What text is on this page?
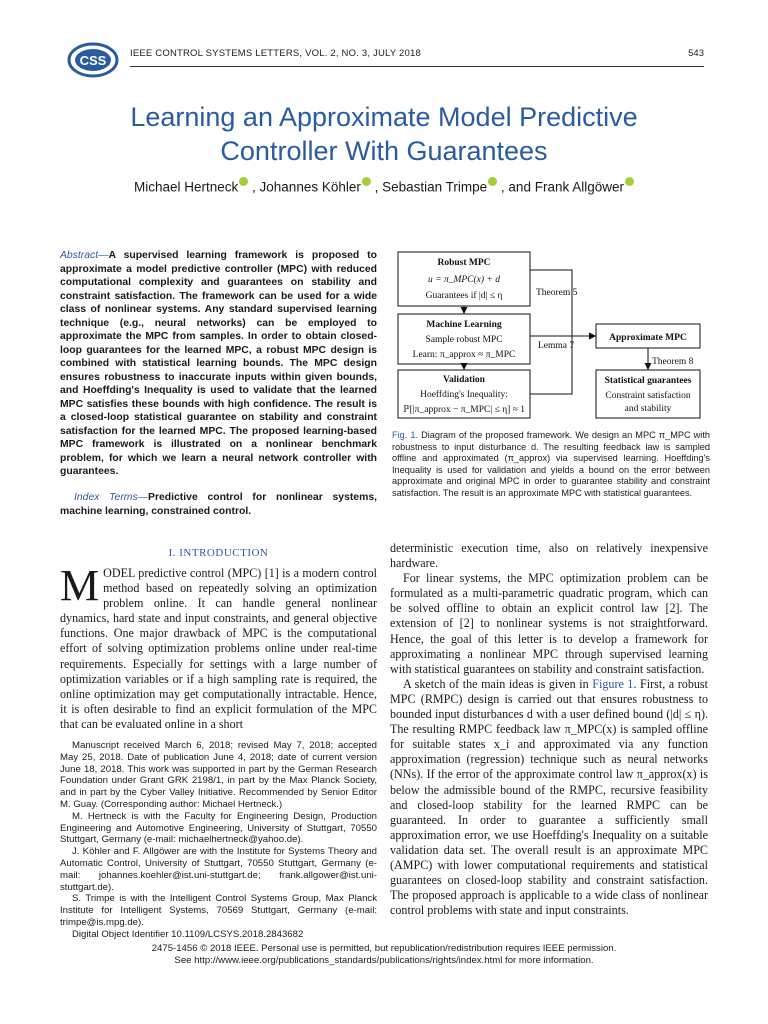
CSS IEEE CONTROL SYSTEMS LETTERS, VOL. 2, NO. 3, JULY 2018	543
Learning an Approximate Model Predictive
Controller With Guarantees
Michael Hertneck , Johannes Köhler , Sebastian Trimpe , and Frank Allgöwer
Abstract—A supervised learning framework is proposed to approximate a model predictive controller (MPC) with reduced computational complexity and guarantees on stability and constraint satisfaction. The framework can be used for a wide class of nonlinear systems. Any standard supervised learning technique (e.g., neural networks) can be employed to approximate the MPC from samples. In order to obtain closed-loop guarantees for the learned MPC, a robust MPC design is combined with statistical learning bounds. The MPC design ensures robustness to inaccurate inputs within given bounds, and Hoeffding's Inequality is used to validate that the learned MPC satisfies these bounds with high confidence. The result is a closed-loop statistical guarantee on stability and constraint satisfaction for the learned MPC. The proposed learning-based MPC framework is illustrated on a nonlinear benchmark problem, for which we learn a neural network controller with guarantees.
Index Terms—Predictive control for nonlinear systems, machine learning, constrained control.
Robust MPC
u = π_MPC(x) + d
Guarantees if |d| ≤ η
Machine Learning
Sample robust MPC
Learn: π_approx ≈ π_MPC
Validation
Hoeffding's Inequality:
ℙ[|π_approx − π_MPC| ≤ η] ≈ 1
Approximate MPC
Statistical guarantees
Constraint satisfaction
and stability
Theorem 5
Lemma 7
Theorem 8
Fig. 1. Diagram of the proposed framework. We design an MPC π_MPC with robustness to input disturbance d. The resulting feedback law is sampled offline and approximated (π_approx) via supervised learning. Hoeffding's Inequality is used for validation and yields a bound on the error between approximate and original MPC in order to guarantee stability and constraint satisfaction. The result is an approximate MPC with statistical guarantees.
I. INTRODUCTION
MODEL predictive control (MPC) [1] is a modern control method based on repeatedly solving an optimization problem online. It can handle general nonlinear dynamics, hard state and input constraints, and general objective functions. One major drawback of MPC is the computational effort of solving optimization problems online under real-time requirements. Especially for settings with a large number of optimization variables or if a high sampling rate is required, the online optimization may get computationally intractable. Hence, it is often desirable to find an explicit formulation of the MPC that can be evaluated online in a short

Manuscript received March 6, 2018; revised May 7, 2018; accepted May 25, 2018. Date of publication June 4, 2018; date of current version June 18, 2018. This work was supported in part by the German Research Foundation under Grant GRK 2198/1, in part by the Max Planck Society, and in part by the Cyber Valley Initiative. Recommended by Senior Editor M. Guay. (Corresponding author: Michael Hertneck.)

M. Hertneck is with the Faculty for Engineering Design, Production Engineering and Automotive Engineering, University of Stuttgart, 70550 Stuttgart, Germany (e-mail: michaelhertneck@yahoo.de).

J. Köhler and F. Allgöwer are with the Institute for Systems Theory and Automatic Control, University of Stuttgart, 70550 Stuttgart, Germany (e-mail: johannes.koehler@ist.uni-stuttgart.de; frank.allgower@ist.uni-stuttgart.de).

S. Trimpe is with the Intelligent Control Systems Group, Max Planck Institute for Intelligent Systems, 70569 Stuttgart, Germany (e-mail: trimpe@is.mpg.de).

Digital Object Identifier 10.1109/LCSYS.2018.2843682

deterministic execution time, also on relatively inexpensive hardware.

For linear systems, the MPC optimization problem can be formulated as a multi-parametric quadratic program, which can be solved offline to obtain an explicit control law [2]. The extension of [2] to nonlinear systems is not straightforward. Hence, the goal of this letter is to develop a framework for approximating a nonlinear MPC through supervised learning with statistical guarantees on stability and constraint satisfaction.

A sketch of the main ideas is given in Figure 1. First, a robust MPC (RMPC) design is carried out that ensures robustness to bounded input disturbances d with a user defined bound (|d| ≤ η). The resulting RMPC feedback law π_MPC(x) is sampled offline for suitable states x_i and approximated via any function approximation (regression) technique such as neural networks (NNs). If the error of the approximate control law π_approx(x) is below the admissible bound of the RMPC, recursive feasibility and closed-loop stability for the learned RMPC can be guaranteed. In order to guarantee a sufficiently small approximation error, we use Hoeffding's Inequality on a suitable validation data set. The overall result is an approximate MPC (AMPC) with lower computational requirements and statistical guarantees on closed-loop stability and constraint satisfaction. The proposed approach is applicable to a wide class of nonlinear control problems with state and input constraints.

2475-1456 © 2018 IEEE. Personal use is permitted, but republication/redistribution requires IEEE permission.
See http://www.ieee.org/publications_standards/publications/rights/index.html for more information.
